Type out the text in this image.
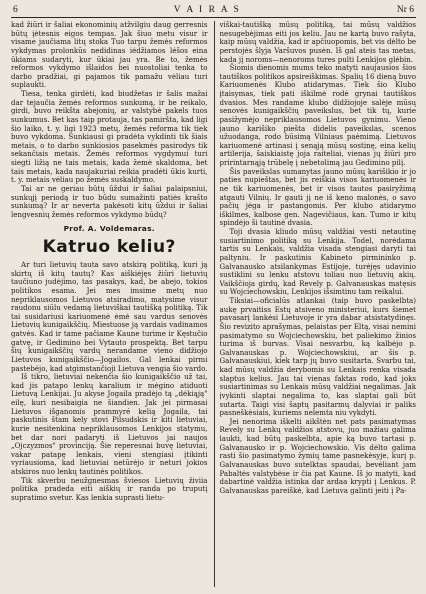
6	V A I R A S	Nr 6

kad žiūri ir šaliai ekonominių atžvilgiu daug gerresnis būtų įėtesnis eigos tempas. Jak šiuo metu visur ir visame jaučiama litų stoka Tuo tarpu žemės reformos vykdymas prolonkūs nedidinas iėdžiamos lėšos eina ūkiams sudaryti, kur ūkiai jau yra. Be to, žemės reformos vykdymo išlaidos bei nuostoliai tenka to darbo pradžiai, gi pajamos tik pamažu vėliau turi suplaukti.

Tiesa, tenka girdėti, kad biudžetas ir šalis mažai dar tejaučia žemės reformos sunkumą, ir be reikalo, girdi, buvo reikšta abejonių, ar valstybė pakels tuos sunkumus. Bet kas taip protauja, tas pamiršta, kad ligi šio laiko, t. y. ligi 1923 metų, žemės reforma tik tiek buvo vykdoma. Sunkiausi gi pradėta vykdinti tik šiais metais, o to darbo sunkiosios pasekmės pasirodys tik sekančiais metais. Žemės reformos vygdymui turi siegti ližią ne tais metais, kada žemė skaldoma, bet tais metais, kada naujakuriai reikia pradėti ūkis kurti, t. y. metais vėliau po žemės suskaldymo.

Tai ar ne geriau būtų ūždui ir šaliai palaipsniui, sunkųjį periodą ir tuo būdu sumažinti patiės krašto sunkumą? Ir ar neverta pakėsoti kitų ūždui ir šaliai lengvesnių žemės reformos vykdymo būdų?

Prof. A. Voldemaras.
Katruo keliu?

Ar turi lietuvių tauta savo atskirą politiką, kuri ją skirtų iš kitų tautų? Kas aiškiėjęs žiūri lietuvių taučiuno judėjimo, tas pasakys, kad, be abejo, tokios politikos esama. Jei mes imsime metų nuo nepriklausomos Lietuvos atsiradimo, matysime visur raudonu siūlu vedamą lietuviškai tautišką politiką. Tik tai susidariusi kariuomenė ėmė sau vardus senovės Lietuvių kunigaikščių. Miestuose ją vardais vadinamos gatvės. Kad ir tame pačiame Kaune turime ir Kęstučio gatvę, ir Gedimino bei Vytauto prospektą. Bet tarpu šių kunigaikščių vardų nerandame vieno didžiojo Lietuvos kunigaikščio—Jogailos. Gal lenkai pirmi pastebėjo, kad atgimstančioji Lietuva vengia šio vardo.

Iš tikro, lietuviai nekenčia šio kunigaikščio už tai, kad jis patapo lenkų karalium ir mėgino atiduoti Lietuvą Lenkijai. Ju akyse Jogaila pradėjo tą „dėkiąją" eilę, kuri nesibaigia ne šiandien. Jak jei pirmasai Lietuvos išganomis prammyré kelią Jogaila, tai paskutinis štam kely stovi Pilsudskis ir kiti lietuviai, kurie nesitenkina nepriklausomos Lenkijos statymu, bet dar nori padaryti iš Lietuvos jai naujos „Ojczyzmos" provinciją. Šie reperesnai buvę lietuviai, vakar patapę lenkais, vieni stengiasi įtikinti vyriausioma, kad lietuviai netūrėjo ir neturi jokios atskiros nuo lenkų tautinės politikos.

Tik skverbu neužgnesmas šviesos Lietuvių živiia politika pradeda eiti aiškių ir randa po truputį supratimo svetur. Kas lenkia suprasti lietu-

viškai-tautišką mūsų politiką, tai mūsų valdžios nesugebėjimas eiti jos keliu. Jau ne kartą buvo rašyta, kaip mūsų valdžia, kad ir apčiuopomis, bet vis dėlto be perstojės šlyja Varšuvos pusėn. Iš gal ateis tas metas, kada jį noroms—nenoroms tures pulti Lenkijos glėbin.

Šiomis dienomis mums teko matyti naujausios šios tautiškos politikos apsireiškimas. Spalių 16 dieną buvo Kariuomenės Klubo atidarymas. Tiek šio Klubo įtaisymas, tiek pati iškilmė rodė grynai tautiškos dvasios. Mes randame klubo didžiojoje salėje mūsų senovės kunigaikščių paveikslus, bet tik tų, kurie pasižymėjo nepriklausomos Lietuvos gynimu. Vieno jauno karišiko piešta didelis paveikslas, scenos užuodanga, rodo būsimą Vilniaus paėmimą. Lietuvos kariuomenė artinasi į senąją mūsų sostinę, eina kelių artilerija, šaiskiaistę joja raiteliai, vienas jų žiūri pro pririntarnąją trūbelę į nebetolimą jau Gedimino pilį.

Šis paveikslas sumanytas jauno mūsų karišikio ir jo paties nupieštas, bet jis reiškia visos kariuomenės ir ne tik kariuomenės, bet ir visos tautos pasiryžimą atgauti Vilnių. Ir gauti jį ne iš keno malonės, o savo pačių jėga ir pastangomis. Per klubo atidarymo iškilmes, kalbose gen. Nagevičiaus, kan. Tumo ir kitų spindėjo ši tautinė dvasia.

Toji dvasia kliudo mūsų valdžiai vesti netautinę susiartinimo politiką su Lenkija. Todel, norėdama tartis su Lenkais, valdžia visada stengiasi daryti tai paltyniu. Ir paskutinis Kabineto pirmininko p. Galvanausko atsilankymas Estijoje, turėjęs udavinio sustiklini su lenku atstovu toliau nuo lietuvių akių. Vaikščioja girdų, kad Revely p. Galvanauskas matęsis su Wojciechowskiu, Lenkijos išsimtinu tam reikalui.

Tiksiai—oficialūs atlankai (taip buvo paskelbta) aukę prvaitiss Estų atsiveno ministeriui, kurs šiemet pavasarį lankėsi Lietuvoje ir yra dabar atsistatydinęs. Šio revizito aprašymas, pelaistas per Eltą, visai nemini pasimatymo su Wojciechowskiu, bet paliekimo žinios turima iš burvas. Visai nesvarbu, ką kalbėjo p. Galvanauskas p. Wojciechowskiui, ar šis p. Galvanauskiui, kiek tarp jų buvo susitarta. Svarbu tai, kad mūsų valdžia derybomis su Lenkais renka visada slaptus kelius. Jau tai vienas faktas rodo, kad joks susiartinimas su Lenkais mūsų valdžiai negalimas. Jak jvykinti slaptai negalima to, kas slaptai gali būt sutarta. Taigi visi šaptų pasitarmų dalyviai ir paliks pasneškėsiais, kuriems nelemta niu vykdyti.

Jei nenorima iškelti aikštėn net pats pasimatymas Revely su Lenkų valdžios atstovu, juo mažiau galima laukti, kad būtų paskelbta, apie ką buvo tartasi p. Galvanausko ir p. Wojciechowskio. Vis dėlto galima rasti šio pasimatymo žymių tame pasnekėsyje, kurį p. Galvanauskas buvo sutelktas spaudai, bevėliant jam Pabaltės valstybėse ir čia pat Kaune. Iš jo matyti, kad dabartinė valdžia istinka dar ardaa krypti į Lenkus. P. Galvanauskas pareiškė, kad Lietuva galinti jeiti į Pa-
